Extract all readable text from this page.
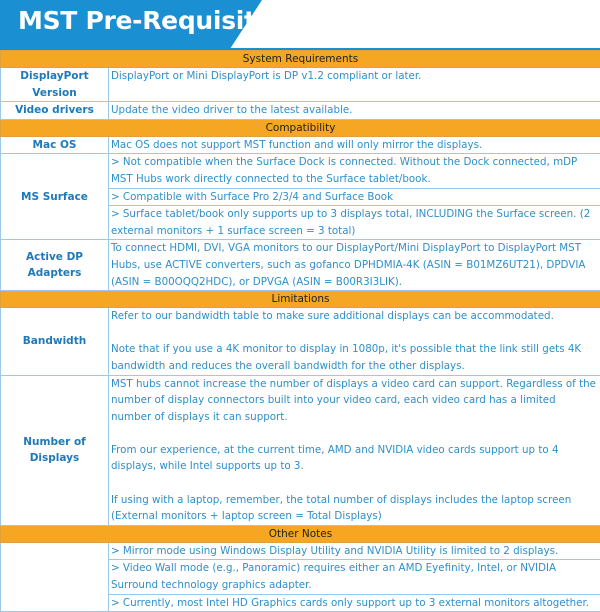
MST Pre-Requisites
System Requirements	
DisplayPort Version	DisplayPort or Mini DisplayPort is DP v1.2 compliant or later.
Video drivers	Update the video driver to the latest available.
Compatibility	
Mac OS	Mac OS does not support MST function and will only mirror the displays.
MS Surface	> Not compatible when the Surface Dock is connected. Without the Dock connected, mDP MST Hubs work directly connected to the Surface tablet/book.
	> Compatible with Surface Pro 2/3/4 and Surface Book
	> Surface tablet/book only supports up to 3 displays total, INCLUDING the Surface screen. (2 external monitors + 1 surface screen = 3 total)
Active DP Adapters	To connect HDMI, DVI, VGA monitors to our DisplayPort/Mini DisplayPort to DisplayPort MST Hubs, use ACTIVE converters, such as gofanco DPHDMIA-4K (ASIN = B01MZ6UT21), DPDVIA (ASIN = B00OQQ2HDC), or DPVGA (ASIN = B00R3I3LIK).
Limitations	
Bandwidth	Refer to our bandwidth table to make sure additional displays can be accommodated.
Note that if you use a 4K monitor to display in 1080p, it's possible that the link still gets 4K bandwidth and reduces the overall bandwidth for the other displays.
Number of Displays	MST hubs cannot increase the number of displays a video card can support. Regardless of the number of display connectors built into your video card, each video card has a limited number of displays it can support.
From our experience, at the current time, AMD and NVIDIA video cards support up to 4 displays, while Intel supports up to 3.
If using with a laptop, remember, the total number of displays includes the laptop screen (External monitors + laptop screen = Total Displays)
Other Notes	
	> Mirror mode using Windows Display Utility and NVIDIA Utility is limited to 2 displays.
	> Video Wall mode (e.g., Panoramic) requires either an AMD Eyefinity, Intel, or NVIDIA Surround technology graphics adapter.
	> Currently, most Intel HD Graphics cards only support up to 3 external monitors altogether.
